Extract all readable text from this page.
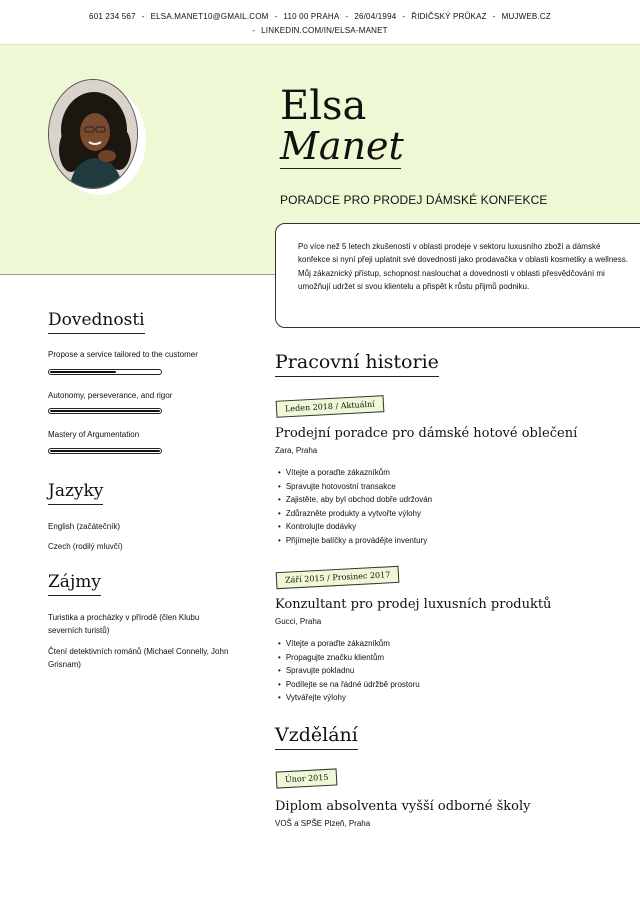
601 234 567 - ELSA.MANET10@GMAIL.COM - 110 00 PRAHA - 26/04/1994 - ŘIDIČSKÝ PRŮKAZ - MUJWEB.CZ
- LINKEDIN.COM/IN/ELSA-MANET
Elsa
Manet
PORADCE PRO PRODEJ DÁMSKÉ KONFEKCE

Po více než 5 letech zkušeností v oblasti prodeje v sektoru luxusního zboží a dámské konfekce si nyní přeji uplatnit své dovednosti jako prodavačka v oblasti kosmetiky a wellness. Můj zákaznický přístup, schopnost naslouchat a dovednosti v oblasti přesvědčování mi umožňují udržet si svou klientelu a přispět k růstu přijmů podniku.

Dovednosti
Propose a service tailored to the customer
Autonomy, perseverance, and rigor
Mastery of Argumentation
Jazyky
English (začátečník)
Czech (rodilý mluvčí)
Zájmy
Turistika a procházky v přírodě (člen Klubu severních turistů)
Čtení detektivních románů (Michael Connelly, John Grisnam)
Pracovní historie
Leden 2018 / Aktuální
Prodejní poradce pro dámské hotové oblečení
Zara, Praha
• Vítejte a poraďte zákazníkům
• Spravujte hotovostní transakce
• Zajistěte, aby byl obchod dobře udržován
• Zdůrazněte produkty a vytvořte výlohy
• Kontrolujte dodávky
• Přijímejte balíčky a provádějte inventury
Září 2015 / Prosinec 2017
Konzultant pro prodej luxusních produktů
Gucci, Praha
• Vítejte a poraďte zákazníkům
• Propagujte značku klientům
• Spravujte pokladnu
• Podílejte se na řádné údržbě prostoru
• Vytvářejte výlohy
Vzdělání
Únor 2015
Diplom absolventa vyšší odborné školy
VOŠ a SPŠE Plzeň, Praha
